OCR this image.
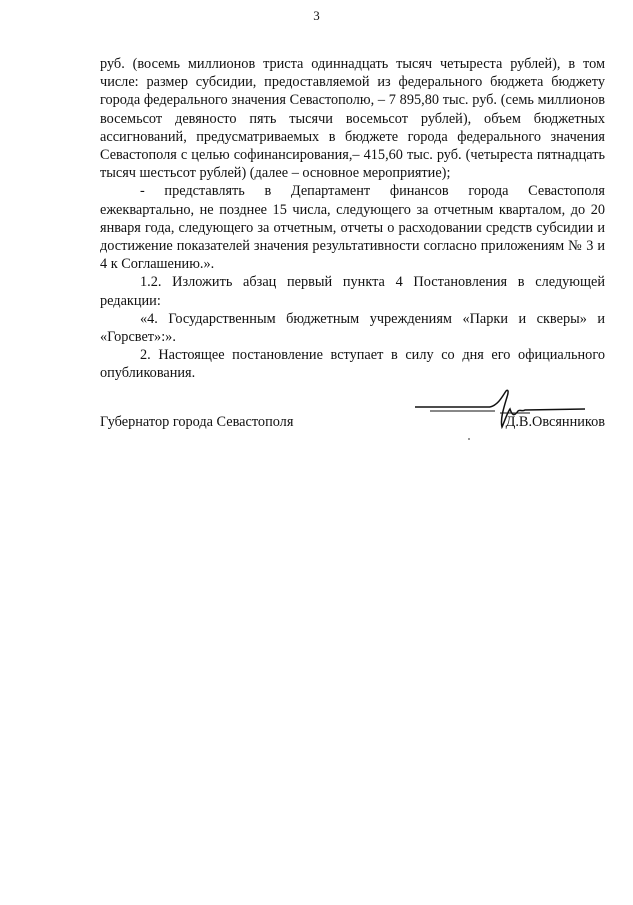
3

руб. (восемь миллионов триста одиннадцать тысяч четыреста рублей), в том числе: размер субсидии, предоставляемой из федерального бюджета бюджету города федерального значения Севастополю, – 7 895,80 тыс. руб. (семь миллионов восемьсот девяносто пять тысячи восемьсот рублей), объем бюджетных ассигнований, предусматриваемых в бюджете города федерального значения Севастополя с целью софинансирования,– 415,60 тыс. руб. (четыреста пятнадцать тысяч шестьсот рублей) (далее – основное мероприятие);

- представлять в Департамент финансов города Севастополя ежеквартально, не позднее 15 числа, следующего за отчетным кварталом, до 20 января года, следующего за отчетным, отчеты о расходовании средств субсидии и достижение показателей значения результативности согласно приложениям № 3 и 4 к Соглашению.».

1.2. Изложить абзац первый пункта 4 Постановления в следующей редакции:

«4. Государственным бюджетным учреждениям «Парки и скверы» и «Горсвет»:».

2. Настоящее постановление вступает в силу со дня его официального опубликования.

Губернатор города Севастополя	Д.В.Овсянников
